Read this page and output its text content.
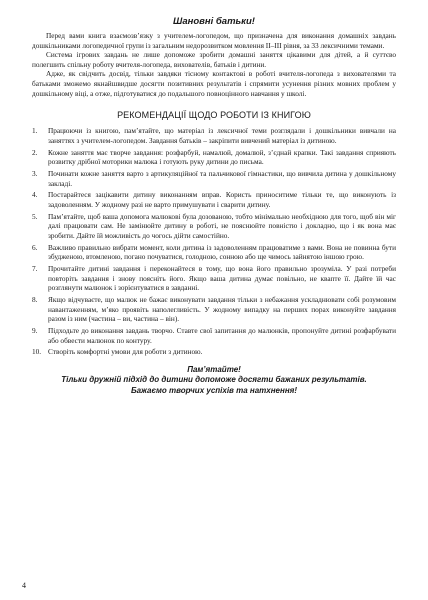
Шановні батьки!

Перед вами книга взаємозв’язку з учителем-логопедом, що призначена для виконання домашніх завдань дошкільниками логопедичної групи із загальним недорозвитком мовлення ІІ–ІІІ рівня, за 33 лексичними темами.

Система ігрових завдань не лише допоможе зробити домашні заняття цікавими для дітей, а й суттєво полегшить спільну роботу вчителя-логопеда, вихователів, батьків і дитини.

Адже, як свідчить досвід, тільки завдяки тісному контактові в роботі вчителя-логопеда з вихователями та батьками зможемо якнайшвидше досягти позитивних результатів і спрямити усунення різних мовних проблем у дошкільному віці, а отже, підготуватися до подальшого повноцінного навчання у школі.

РЕКОМЕНДАЦІЇ ЩОДО РОБОТИ ІЗ КНИГОЮ
1.	Працюючи із книгою, пам’ятайте, що матеріал із лексичної теми розглядали і дошкільники вивчали на заняттях з учителем-логопедом. Завдання батьків – закріпити вивчений матеріал із дитиною.
2.	Кожне заняття має творче завдання: розфарбуй, намалюй, домалюй, з’єднай крапки. Такі завдання сприяють розвитку дрібної моторики малюка і готують руку дитини до письма.
3.	Починати кожне заняття варто з артикуляційної та пальчикової гімнастики, що вивчила дитина у дошкільному закладі.
4.	Постарайтеся зацікавити дитину виконанням вправ. Користь приноситиме тільки те, що виконують із задоволенням. У жодному разі не варто примушувати і сварити дитину.
5.	Пам’ятайте, щоб ваша допомога малюкові була дозованою, тобто мінімально необхідною для того, щоб він міг далі працювати сам. Не замінюйте дитину в роботі, не пояснюйте повністю і докладно, що і як вона має зробити. Дайте їй можливість до чогось дійти самостійно.
6.	Важливо правильно вибрати момент, коли дитина із задоволенням працюватиме з вами. Вона не повинна бути збудженою, втомленою, погано почуватися, голодною, сонною або ще чимось зайнятою іншою грою.
7.	Прочитайте дитині завдання і переконайтеся в тому, що вона його правильно зрозуміла. У разі потреби повторіть завдання і знову поясніть його. Якщо ваша дитина думає повільно, не квапте її. Дайте їй час розглянути малюнок і зорієнтуватися в завданні.
8.	Якщо відчуваєте, що малюк не бажає виконувати завдання тільки з небажання ускладнювати собі розумовим навантаженням, м’яко проявіть наполегливість. У жодному випадку на перших порах виконуйте завдання разом із ним (частина – ви, частина – він).
9.	Підходьте до виконання завдань творчо. Ставте свої запитання до малюнків, пропонуйте дитині розфарбувати або обвести малюнок по контуру.
10. Створіть комфортні умови для роботи з дитиною.
Пам’ятайте!
Тільки дружній підхід до дитини допоможе досягти бажаних результатів.
Бажаємо творчих успіхів та натхнення!
4
